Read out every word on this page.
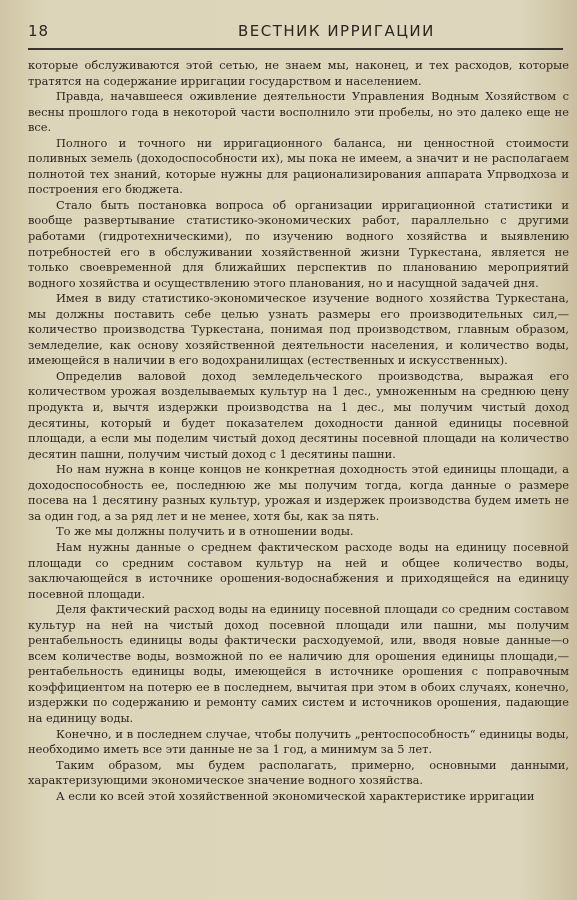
18	ВЕСТНИК ИРРИГАЦИИ

которые обслуживаются этой сетью, не знаем мы, наконец, и тех расходов, которые тратятся на содержание ирригации государством и населением.

Правда, начавшееся оживление деятельности Управления Водным Хозяйством с весны прошлого года в некоторой части восполнило эти пробелы, но это далеко еще не все.

Полного и точного ни ирригационного баланса, ни ценностной стоимости поливных земель (доходоспособности их), мы пока не имеем, а значит и не располагаем полнотой тех знаний, которые нужны для рационализирования аппарата Упрводхоза и построения его бюджета.

Стало быть постановка вопроса об организации ирригационной статистики и вообще развертывание статистико-экономических работ, параллельно с другими работами (гидротехническими), по изучению водного хозяйства и выявлению потребностей его в обслуживании хозяйственной жизни Туркестана, является не только своевременной для ближайших перспектив по планованию мероприятий водного хозяйства и осуществлению этого планования, но и насущной задачей дня.

Имея в виду статистико-экономическое изучение водного хозяйства Туркестана, мы должны поставить себе целью узнать размеры его производительных сил,—количество производства Туркестана, понимая под производством, главным образом, земледелие, как основу хозяйственной деятельности населения, и количество воды, имеющейся в наличии в его водохранилищах (естественных и искусственных).

Определив валовой доход земледельческого производства, выражая его количеством урожая возделываемых культур на 1 дес., умноженным на среднюю цену продукта и, вычтя издержки производства на 1 дес., мы получим чистый доход десятины, который и будет показателем доходности данной единицы посевной площади, а если мы поделим чистый доход десятины посевной площади на количество десятин пашни, получим чистый доход с 1 десятины пашни.

Но нам нужна в конце концов не конкретная доходность этой единицы площади, а доходоспособность ее, последнюю же мы получим тогда, когда данные о размере посева на 1 десятину разных культур, урожая и издержек производства будем иметь не за один год, а за ряд лет и не менее, хотя бы, как за пять.

То же мы должны получить и в отношении воды.

Нам нужны данные о среднем фактическом расходе воды на единицу посевной площади со средним составом культур на ней и общее количество воды, заключающейся в источнике орошения-водоснабжения и приходящейся на единицу посевной площади.

Деля фактический расход воды на единицу посевной площади со средним составом культур на ней на чистый доход посевной площади или пашни, мы получим рентабельность единицы воды фактически расходуемой, или, вводя новые данные—о всем количестве воды, возможной по ее наличию для орошения единицы площади,—рентабельность единицы воды, имеющейся в источнике орошения с поправочным коэффициентом на потерю ее в последнем, вычитая при этом в обоих случаях, конечно, издержки по содержанию и ремонту самих систем и источников орошения, падающие на единицу воды.

Конечно, и в последнем случае, чтобы получить „рентоспособность“ единицы воды, необходимо иметь все эти данные не за 1 год, а минимум за 5 лет.

Таким образом, мы будем располагать, примерно, основными данными, характеризующими экономическое значение водного хозяйства.

А если ко всей этой хозяйственной экономической характеристике ирригации
